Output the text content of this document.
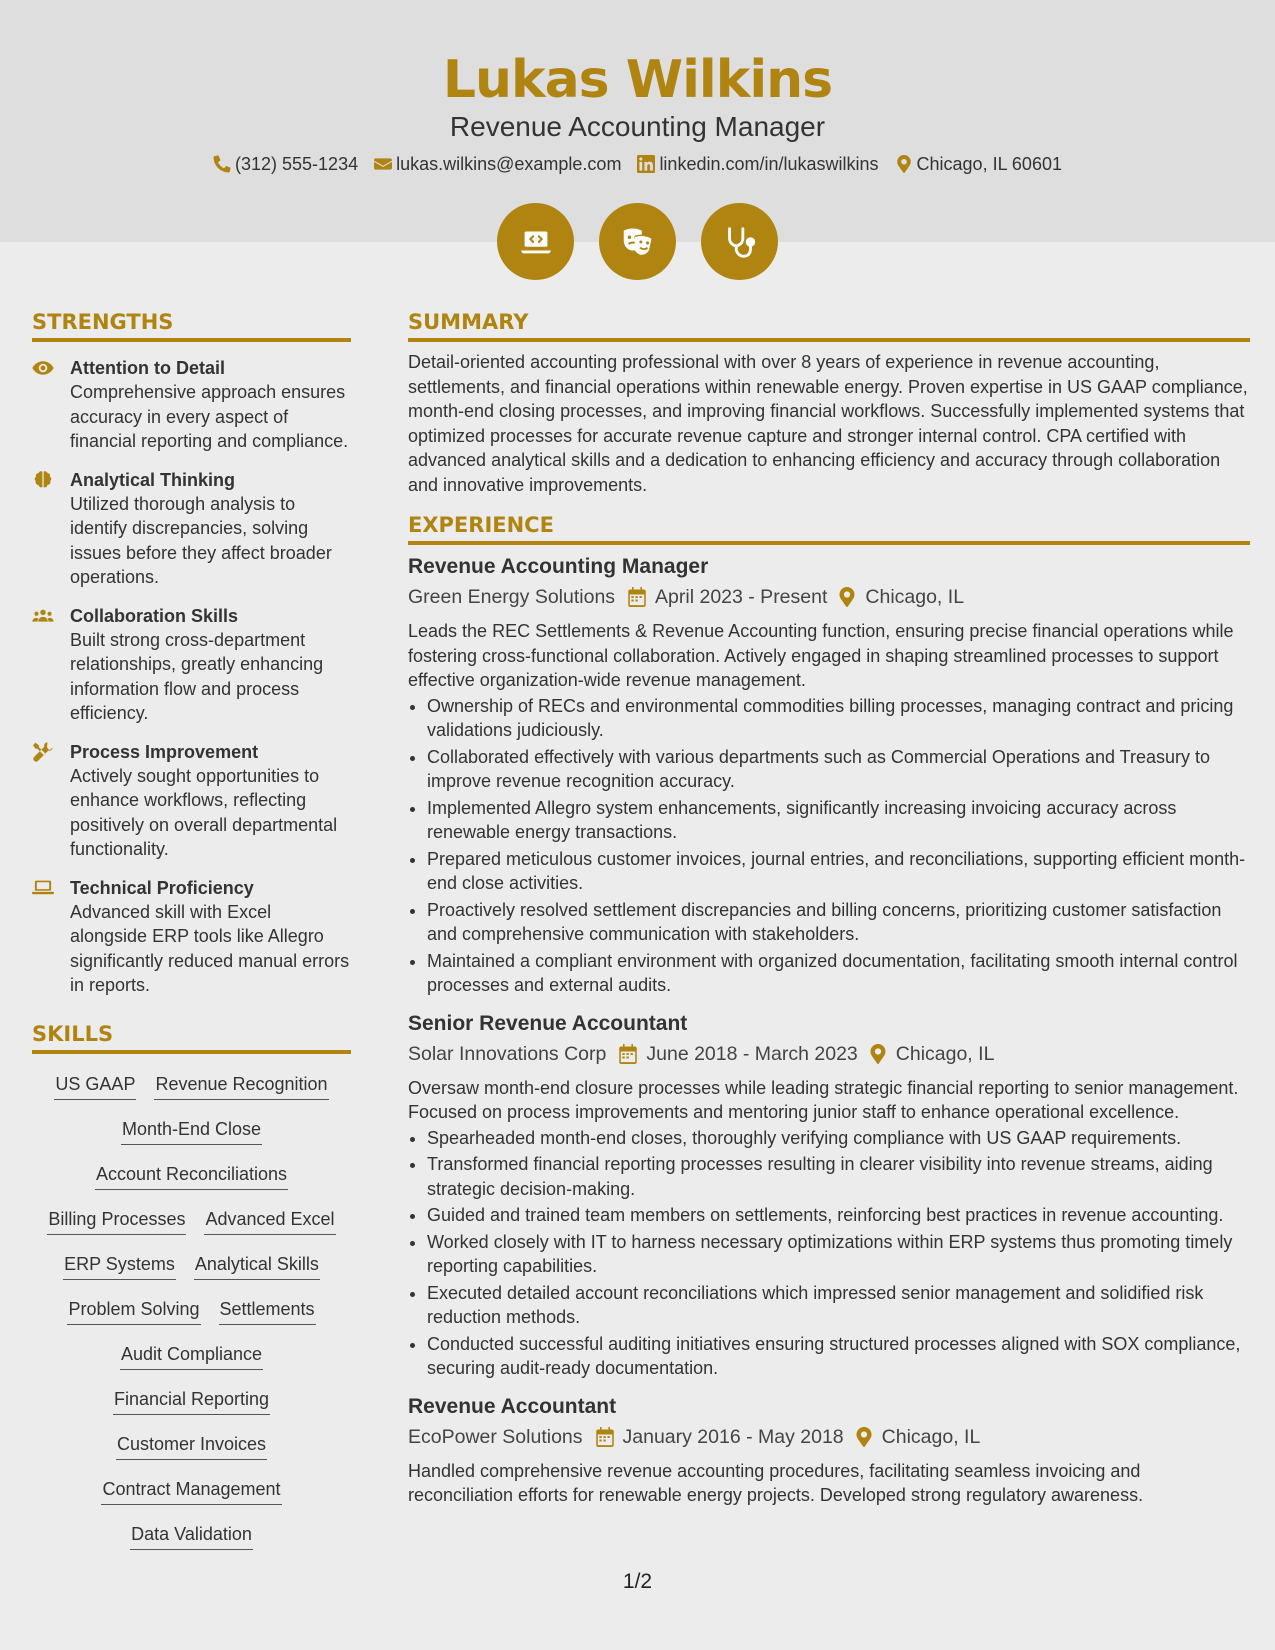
Lukas Wilkins
Revenue Accounting Manager
(312) 555-1234 lukas.wilkins@example.com linkedin.com/in/lukaswilkins Chicago, IL 60601
STRENGTHS
Attention to Detail
Comprehensive approach ensures accuracy in every aspect of financial reporting and compliance.
Analytical Thinking
Utilized thorough analysis to identify discrepancies, solving issues before they affect broader operations.
Collaboration Skills
Built strong cross-department relationships, greatly enhancing information flow and process efficiency.
Process Improvement
Actively sought opportunities to enhance workflows, reflecting positively on overall departmental functionality.
Technical Proficiency
Advanced skill with Excel alongside ERP tools like Allegro significantly reduced manual errors in reports.
SKILLS
US GAAP Revenue Recognition
Month-End Close
Account Reconciliations
Billing Processes Advanced Excel
ERP Systems Analytical Skills
Problem Solving Settlements
Audit Compliance
Financial Reporting
Customer Invoices
Contract Management
Data Validation
SUMMARY
Detail-oriented accounting professional with over 8 years of experience in revenue accounting, settlements, and financial operations within renewable energy. Proven expertise in US GAAP compliance, month-end closing processes, and improving financial workflows. Successfully implemented systems that optimized processes for accurate revenue capture and stronger internal control. CPA certified with advanced analytical skills and a dedication to enhancing efficiency and accuracy through collaboration and innovative improvements.
EXPERIENCE
Revenue Accounting Manager
Green Energy Solutions April 2023 - Present Chicago, IL
Leads the REC Settlements & Revenue Accounting function, ensuring precise financial operations while fostering cross-functional collaboration. Actively engaged in shaping streamlined processes to support effective organization-wide revenue management.
• Ownership of RECs and environmental commodities billing processes, managing contract and pricing validations judiciously.
• Collaborated effectively with various departments such as Commercial Operations and Treasury to improve revenue recognition accuracy.
• Implemented Allegro system enhancements, significantly increasing invoicing accuracy across renewable energy transactions.
• Prepared meticulous customer invoices, journal entries, and reconciliations, supporting efficient month-end close activities.
• Proactively resolved settlement discrepancies and billing concerns, prioritizing customer satisfaction and comprehensive communication with stakeholders.
• Maintained a compliant environment with organized documentation, facilitating smooth internal control processes and external audits.
Senior Revenue Accountant
Solar Innovations Corp June 2018 - March 2023 Chicago, IL
Oversaw month-end closure processes while leading strategic financial reporting to senior management. Focused on process improvements and mentoring junior staff to enhance operational excellence.
• Spearheaded month-end closes, thoroughly verifying compliance with US GAAP requirements.
• Transformed financial reporting processes resulting in clearer visibility into revenue streams, aiding strategic decision-making.
• Guided and trained team members on settlements, reinforcing best practices in revenue accounting.
• Worked closely with IT to harness necessary optimizations within ERP systems thus promoting timely reporting capabilities.
• Executed detailed account reconciliations which impressed senior management and solidified risk reduction methods.
• Conducted successful auditing initiatives ensuring structured processes aligned with SOX compliance, securing audit-ready documentation.
Revenue Accountant
EcoPower Solutions January 2016 - May 2018 Chicago, IL
Handled comprehensive revenue accounting procedures, facilitating seamless invoicing and reconciliation efforts for renewable energy projects. Developed strong regulatory awareness.
1/2
